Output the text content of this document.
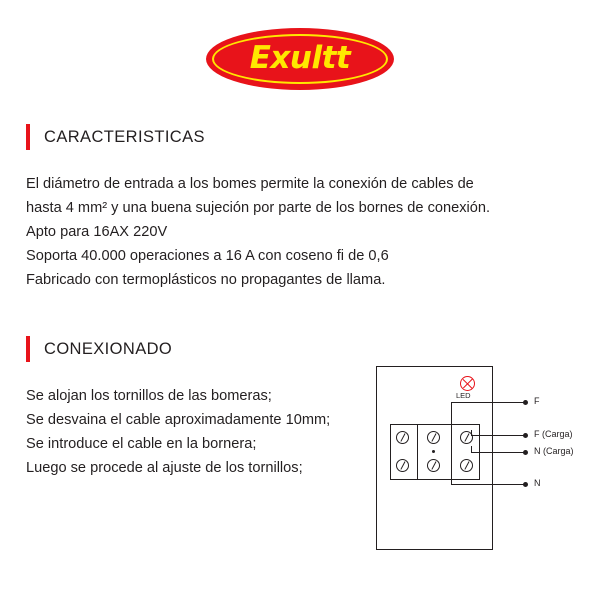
Exultt
CARACTERISTICAS
El diámetro de entrada a los bomes permite la conexión de cables de
hasta 4 mm² y una buena sujeción por parte de los bornes de conexión.
Apto para 16AX 220V
Soporta 40.000 operaciones a 16 A con coseno fi de 0,6
Fabricado con termoplásticos no propagantes de llama.
CONEXIONADO
Se alojan los tornillos de las bomeras;
Se desvaina el cable aproximadamente 10mm;
Se introduce el cable en la bornera;
Luego se procede al ajuste de los tornillos;
LED
F
F (Carga)
N (Carga)
N
